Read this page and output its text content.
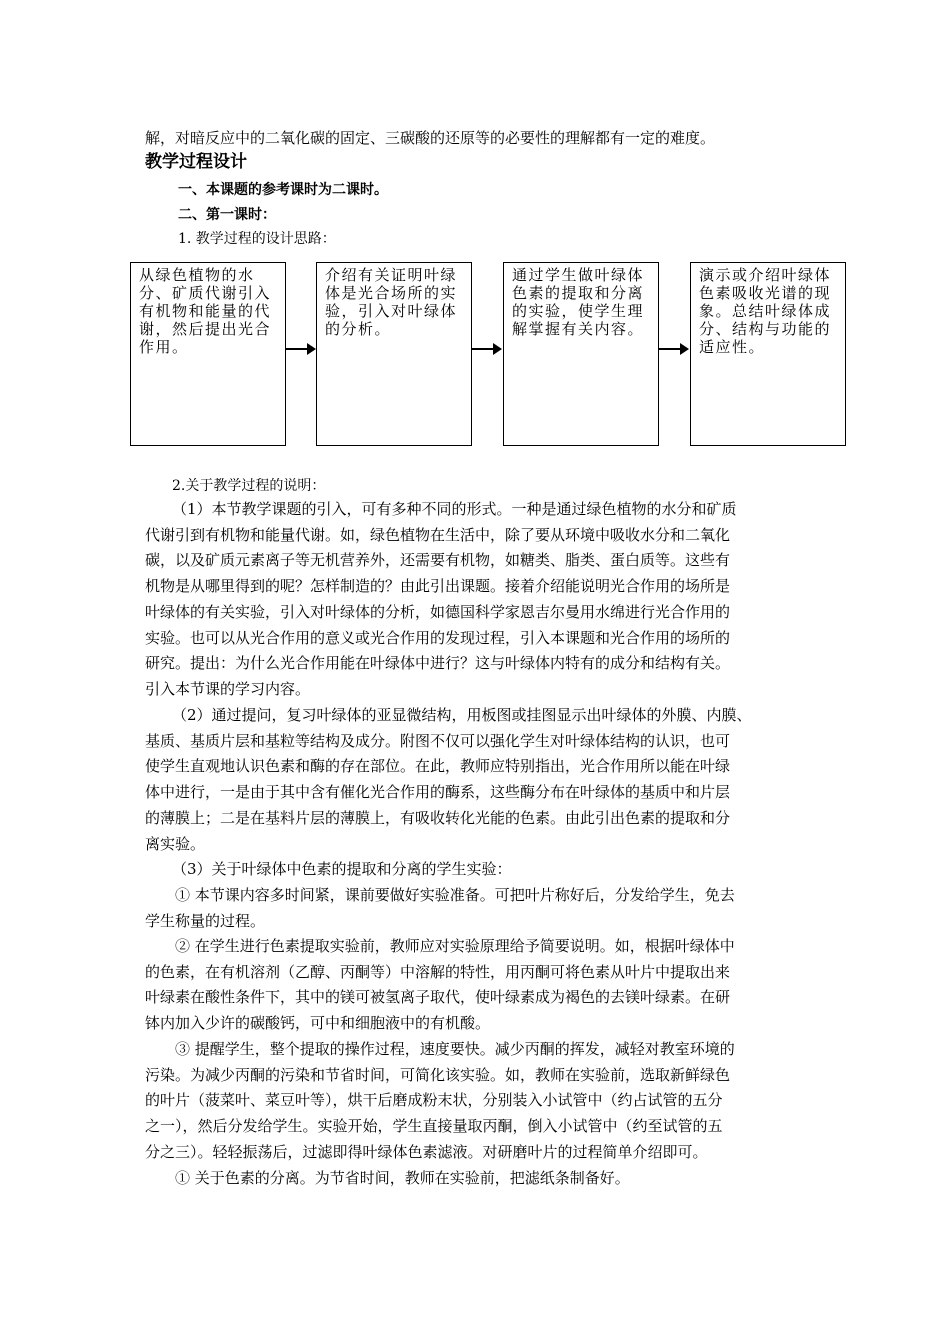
解，对暗反应中的二氧化碳的固定、三碳酸的还原等的必要性的理解都有一定的难度。
教学过程设计
一、本课题的参考课时为二课时。
二、第一课时：
1. 教学过程的设计思路：
从绿色植物的水分、矿质代谢引入有机物和能量的代谢，然后提出光合作用。
介绍有关证明叶绿体是光合场所的实验，引入对叶绿体的分析。
通过学生做叶绿体色素的提取和分离的实验，使学生理解掌握有关内容。
演示或介绍叶绿体色素吸收光谱的现象。总结叶绿体成分、结构与功能的适应性。
2.关于教学过程的说明：
（1）本节教学课题的引入，可有多种不同的形式。一种是通过绿色植物的水分和矿质
代谢引到有机物和能量代谢。如，绿色植物在生活中，除了要从环境中吸收水分和二氧化
碳，以及矿质元素离子等无机营养外，还需要有机物，如糖类、脂类、蛋白质等。这些有
机物是从哪里得到的呢？怎样制造的？由此引出课题。接着介绍能说明光合作用的场所是
叶绿体的有关实验，引入对叶绿体的分析，如德国科学家恩吉尔曼用水绵进行光合作用的
实验。也可以从光合作用的意义或光合作用的发现过程，引入本课题和光合作用的场所的
研究。提出：为什么光合作用能在叶绿体中进行？这与叶绿体内特有的成分和结构有关。
引入本节课的学习内容。
（2）通过提问，复习叶绿体的亚显微结构，用板图或挂图显示出叶绿体的外膜、内膜、
基质、基质片层和基粒等结构及成分。附图不仅可以强化学生对叶绿体结构的认识，也可
使学生直观地认识色素和酶的存在部位。在此，教师应特别指出，光合作用所以能在叶绿
体中进行，一是由于其中含有催化光合作用的酶系，这些酶分布在叶绿体的基质中和片层
的薄膜上；二是在基料片层的薄膜上，有吸收转化光能的色素。由此引出色素的提取和分
离实验。
（3）关于叶绿体中色素的提取和分离的学生实验：
① 本节课内容多时间紧，课前要做好实验准备。可把叶片称好后，分发给学生，免去
学生称量的过程。
② 在学生进行色素提取实验前，教师应对实验原理给予简要说明。如，根据叶绿体中
的色素，在有机溶剂（乙醇、丙酮等）中溶解的特性，用丙酮可将色素从叶片中提取出来
叶绿素在酸性条件下，其中的镁可被氢离子取代，使叶绿素成为褐色的去镁叶绿素。在研
钵内加入少许的碳酸钙，可中和细胞液中的有机酸。
③ 提醒学生，整个提取的操作过程，速度要快。减少丙酮的挥发，减轻对教室环境的
污染。为减少丙酮的污染和节省时间，可简化该实验。如，教师在实验前，选取新鲜绿色
的叶片（菠菜叶、菜豆叶等），烘干后磨成粉末状，分别装入小试管中（约占试管的五分
之一），然后分发给学生。实验开始，学生直接量取丙酮，倒入小试管中（约至试管的五
分之三）。轻轻振荡后，过滤即得叶绿体色素滤液。对研磨叶片的过程简单介绍即可。
① 关于色素的分离。为节省时间，教师在实验前，把滤纸条制备好。
